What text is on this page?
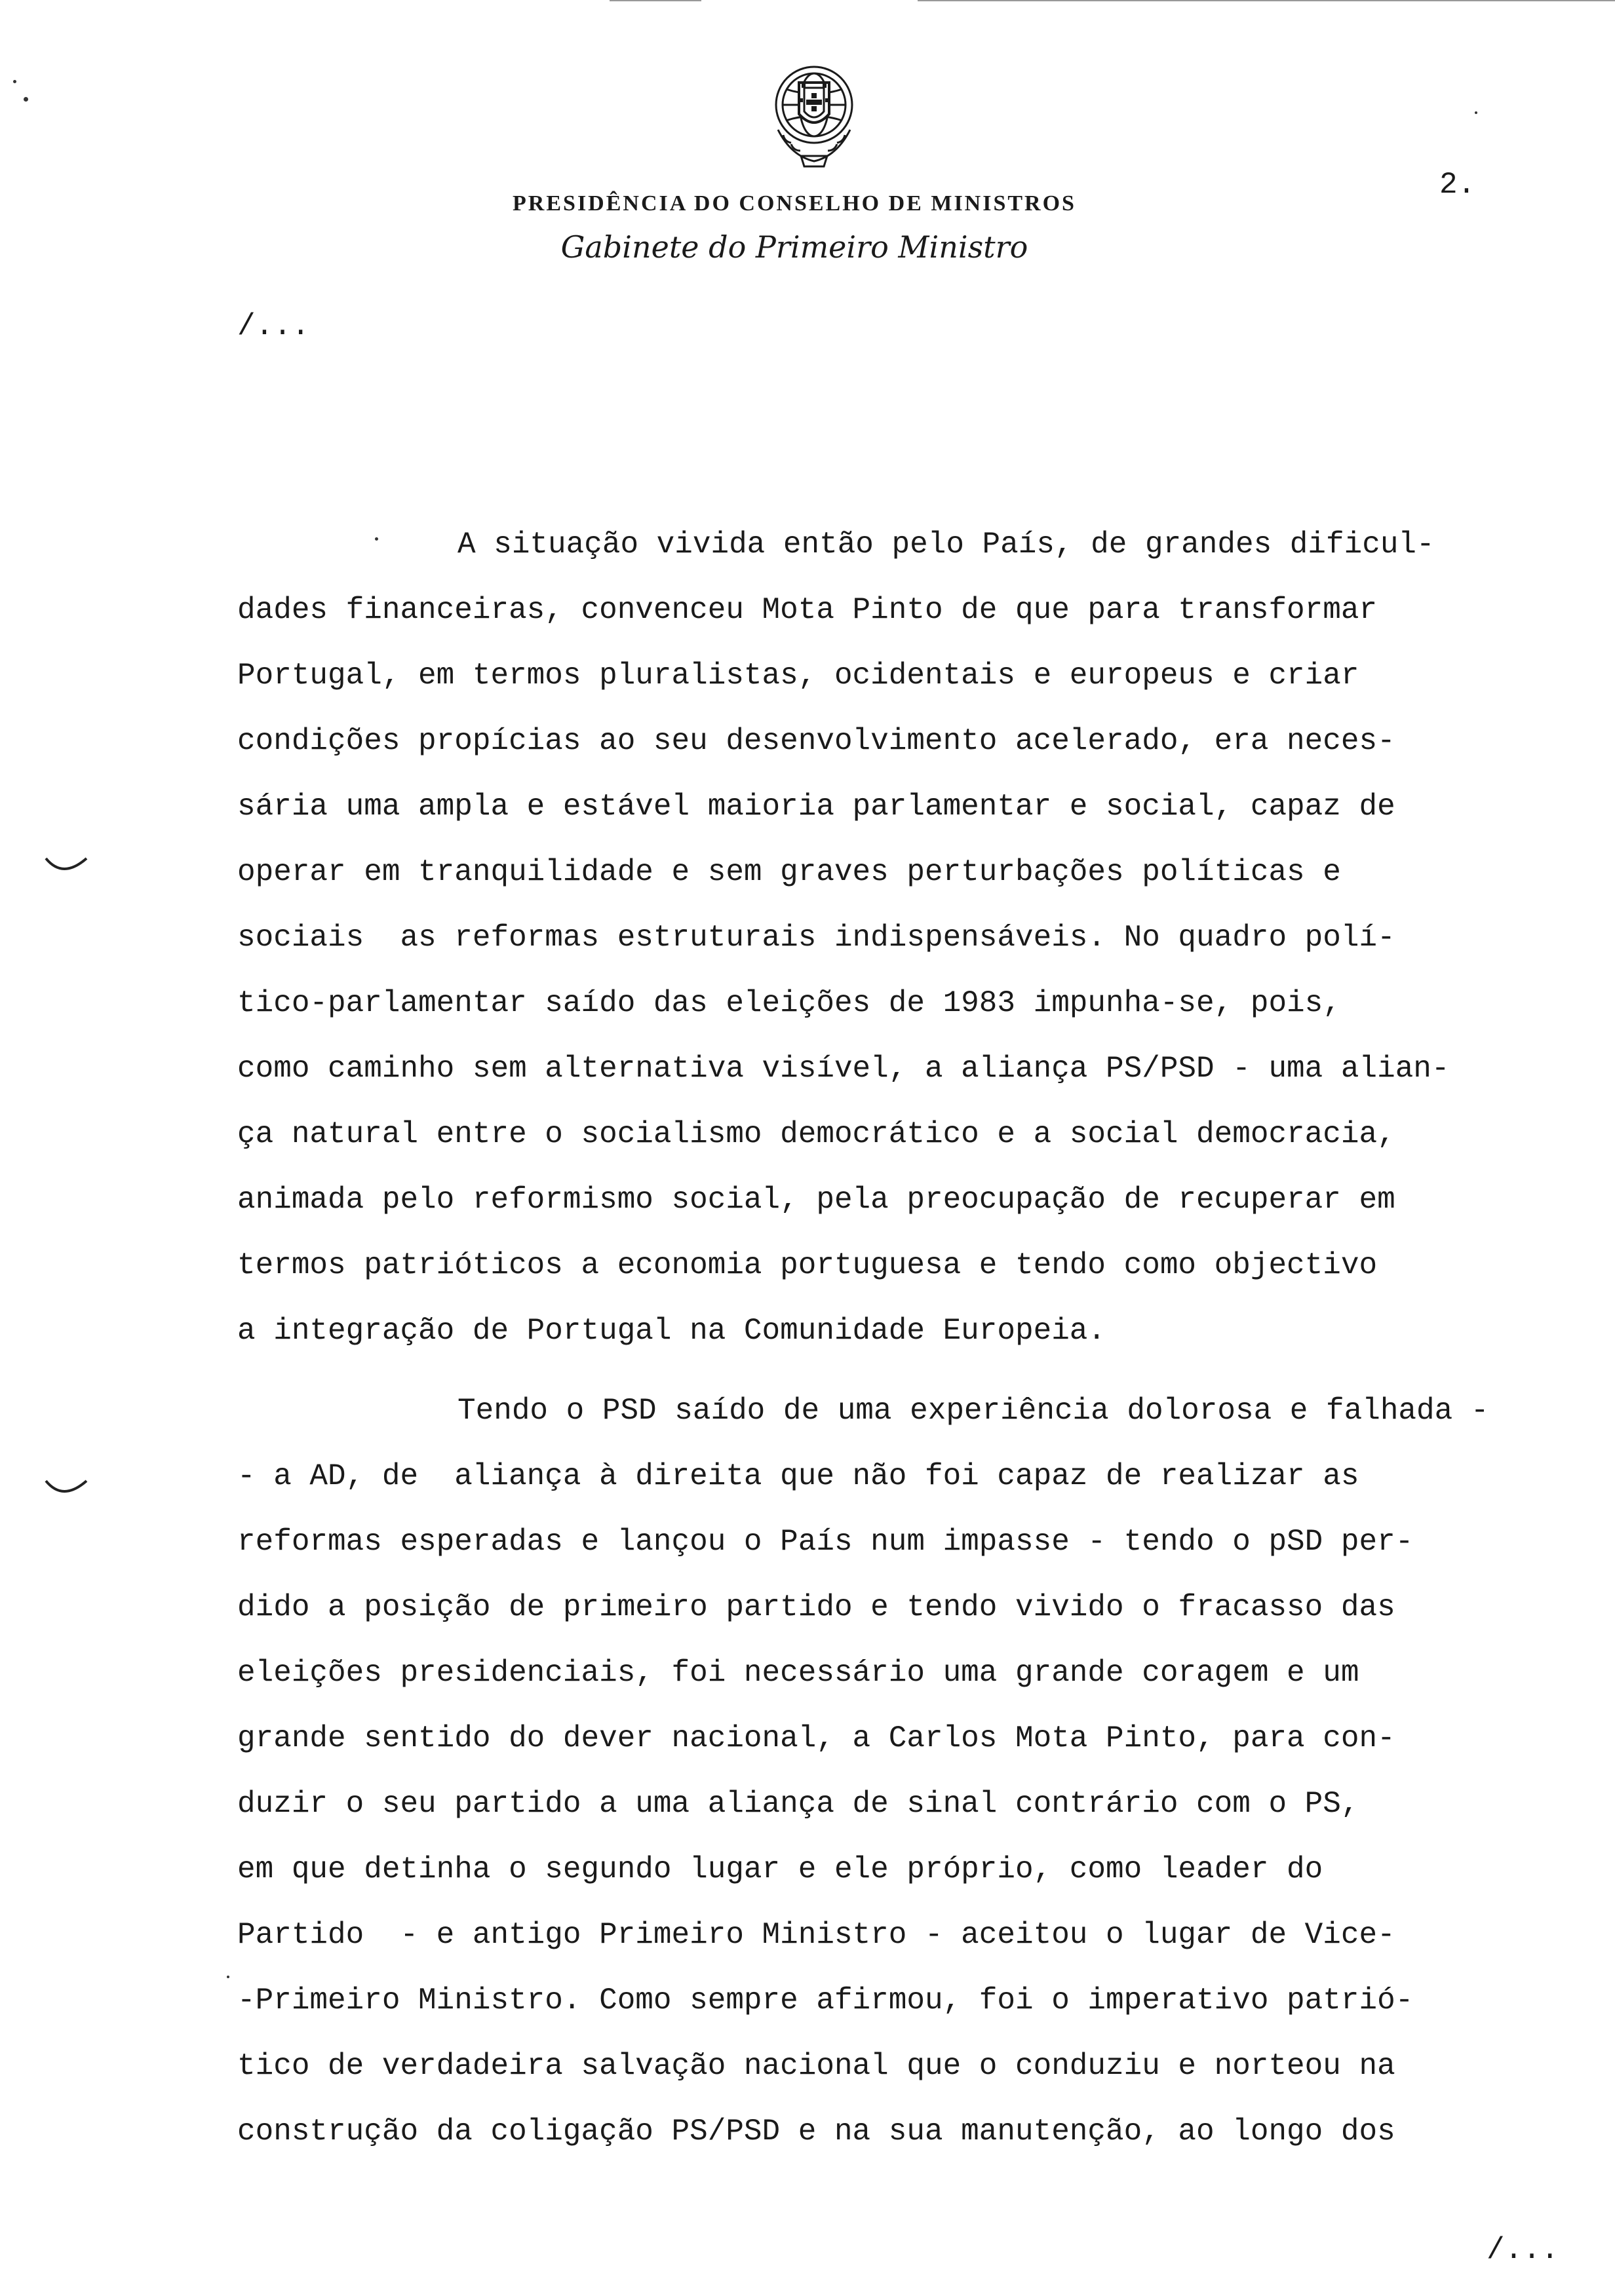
2.
PRESIDÊNCIA DO CONSELHO DE MINISTROS
Gabinete do Primeiro Ministro
/...
A situação vivida então pelo País, de grandes dificul-
dades financeiras, convenceu Mota Pinto de que para transformar
Portugal, em termos pluralistas, ocidentais e europeus e criar
condições propícias ao seu desenvolvimento acelerado, era neces-
sária uma ampla e estável maioria parlamentar e social, capaz de
operar em tranquilidade e sem graves perturbações políticas e
sociais  as reformas estruturais indispensáveis. No quadro polí-
tico-parlamentar saído das eleições de 1983 impunha-se, pois,
como caminho sem alternativa visível, a aliança PS/PSD - uma alian-
ça natural entre o socialismo democrático e a social democracia,
animada pelo reformismo social, pela preocupação de recuperar em
termos patrióticos a economia portuguesa e tendo como objectivo
a integração de Portugal na Comunidade Europeia.
Tendo o PSD saído de uma experiência dolorosa e falhada -
- a AD, de  aliança à direita que não foi capaz de realizar as
reformas esperadas e lançou o País num impasse - tendo o pSD per-
dido a posição de primeiro partido e tendo vivido o fracasso das
eleições presidenciais, foi necessário uma grande coragem e um
grande sentido do dever nacional, a Carlos Mota Pinto, para con-
duzir o seu partido a uma aliança de sinal contrário com o PS,
em que detinha o segundo lugar e ele próprio, como leader do
Partido  - e antigo Primeiro Ministro - aceitou o lugar de Vice-
-Primeiro Ministro. Como sempre afirmou, foi o imperativo patrió-
tico de verdadeira salvação nacional que o conduziu e norteou na
construção da coligação PS/PSD e na sua manutenção, ao longo dos
/...
